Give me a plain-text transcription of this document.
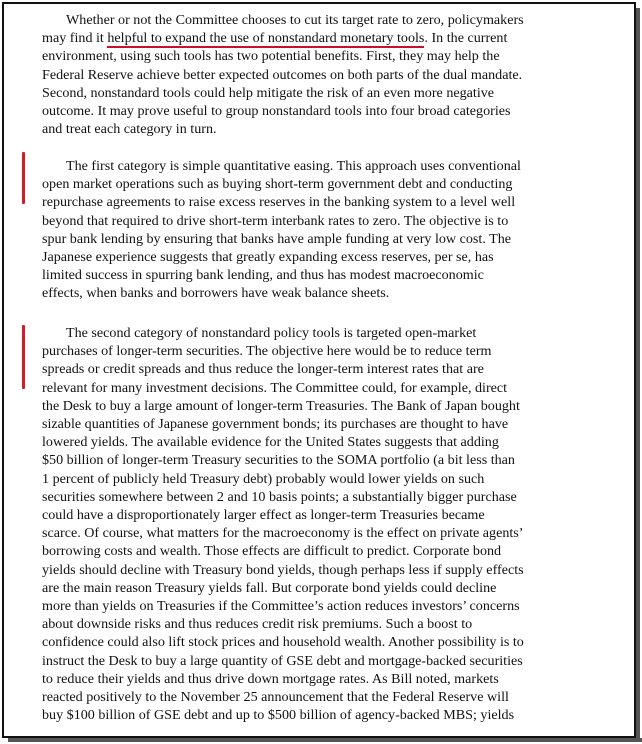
Whether or not the Committee chooses to cut its target rate to zero, policymakers
may find it helpful to expand the use of nonstandard monetary tools. In the current
environment, using such tools has two potential benefits. First, they may help the
Federal Reserve achieve better expected outcomes on both parts of the dual mandate.
Second, nonstandard tools could help mitigate the risk of an even more negative
outcome. It may prove useful to group nonstandard tools into four broad categories
and treat each category in turn.
The first category is simple quantitative easing. This approach uses conventional
open market operations such as buying short-term government debt and conducting
repurchase agreements to raise excess reserves in the banking system to a level well
beyond that required to drive short-term interbank rates to zero. The objective is to
spur bank lending by ensuring that banks have ample funding at very low cost. The
Japanese experience suggests that greatly expanding excess reserves, per se, has
limited success in spurring bank lending, and thus has modest macroeconomic
effects, when banks and borrowers have weak balance sheets.
The second category of nonstandard policy tools is targeted open-market
purchases of longer-term securities. The objective here would be to reduce term
spreads or credit spreads and thus reduce the longer-term interest rates that are
relevant for many investment decisions. The Committee could, for example, direct
the Desk to buy a large amount of longer-term Treasuries. The Bank of Japan bought
sizable quantities of Japanese government bonds; its purchases are thought to have
lowered yields. The available evidence for the United States suggests that adding
$50 billion of longer-term Treasury securities to the SOMA portfolio (a bit less than
1 percent of publicly held Treasury debt) probably would lower yields on such
securities somewhere between 2 and 10 basis points; a substantially bigger purchase
could have a disproportionately larger effect as longer-term Treasuries became
scarce. Of course, what matters for the macroeconomy is the effect on private agents’
borrowing costs and wealth. Those effects are difficult to predict. Corporate bond
yields should decline with Treasury bond yields, though perhaps less if supply effects
are the main reason Treasury yields fall. But corporate bond yields could decline
more than yields on Treasuries if the Committee’s action reduces investors’ concerns
about downside risks and thus reduces credit risk premiums. Such a boost to
confidence could also lift stock prices and household wealth. Another possibility is to
instruct the Desk to buy a large quantity of GSE debt and mortgage-backed securities
to reduce their yields and thus drive down mortgage rates. As Bill noted, markets
reacted positively to the November 25 announcement that the Federal Reserve will
buy $100 billion of GSE debt and up to $500 billion of agency-backed MBS; yields
